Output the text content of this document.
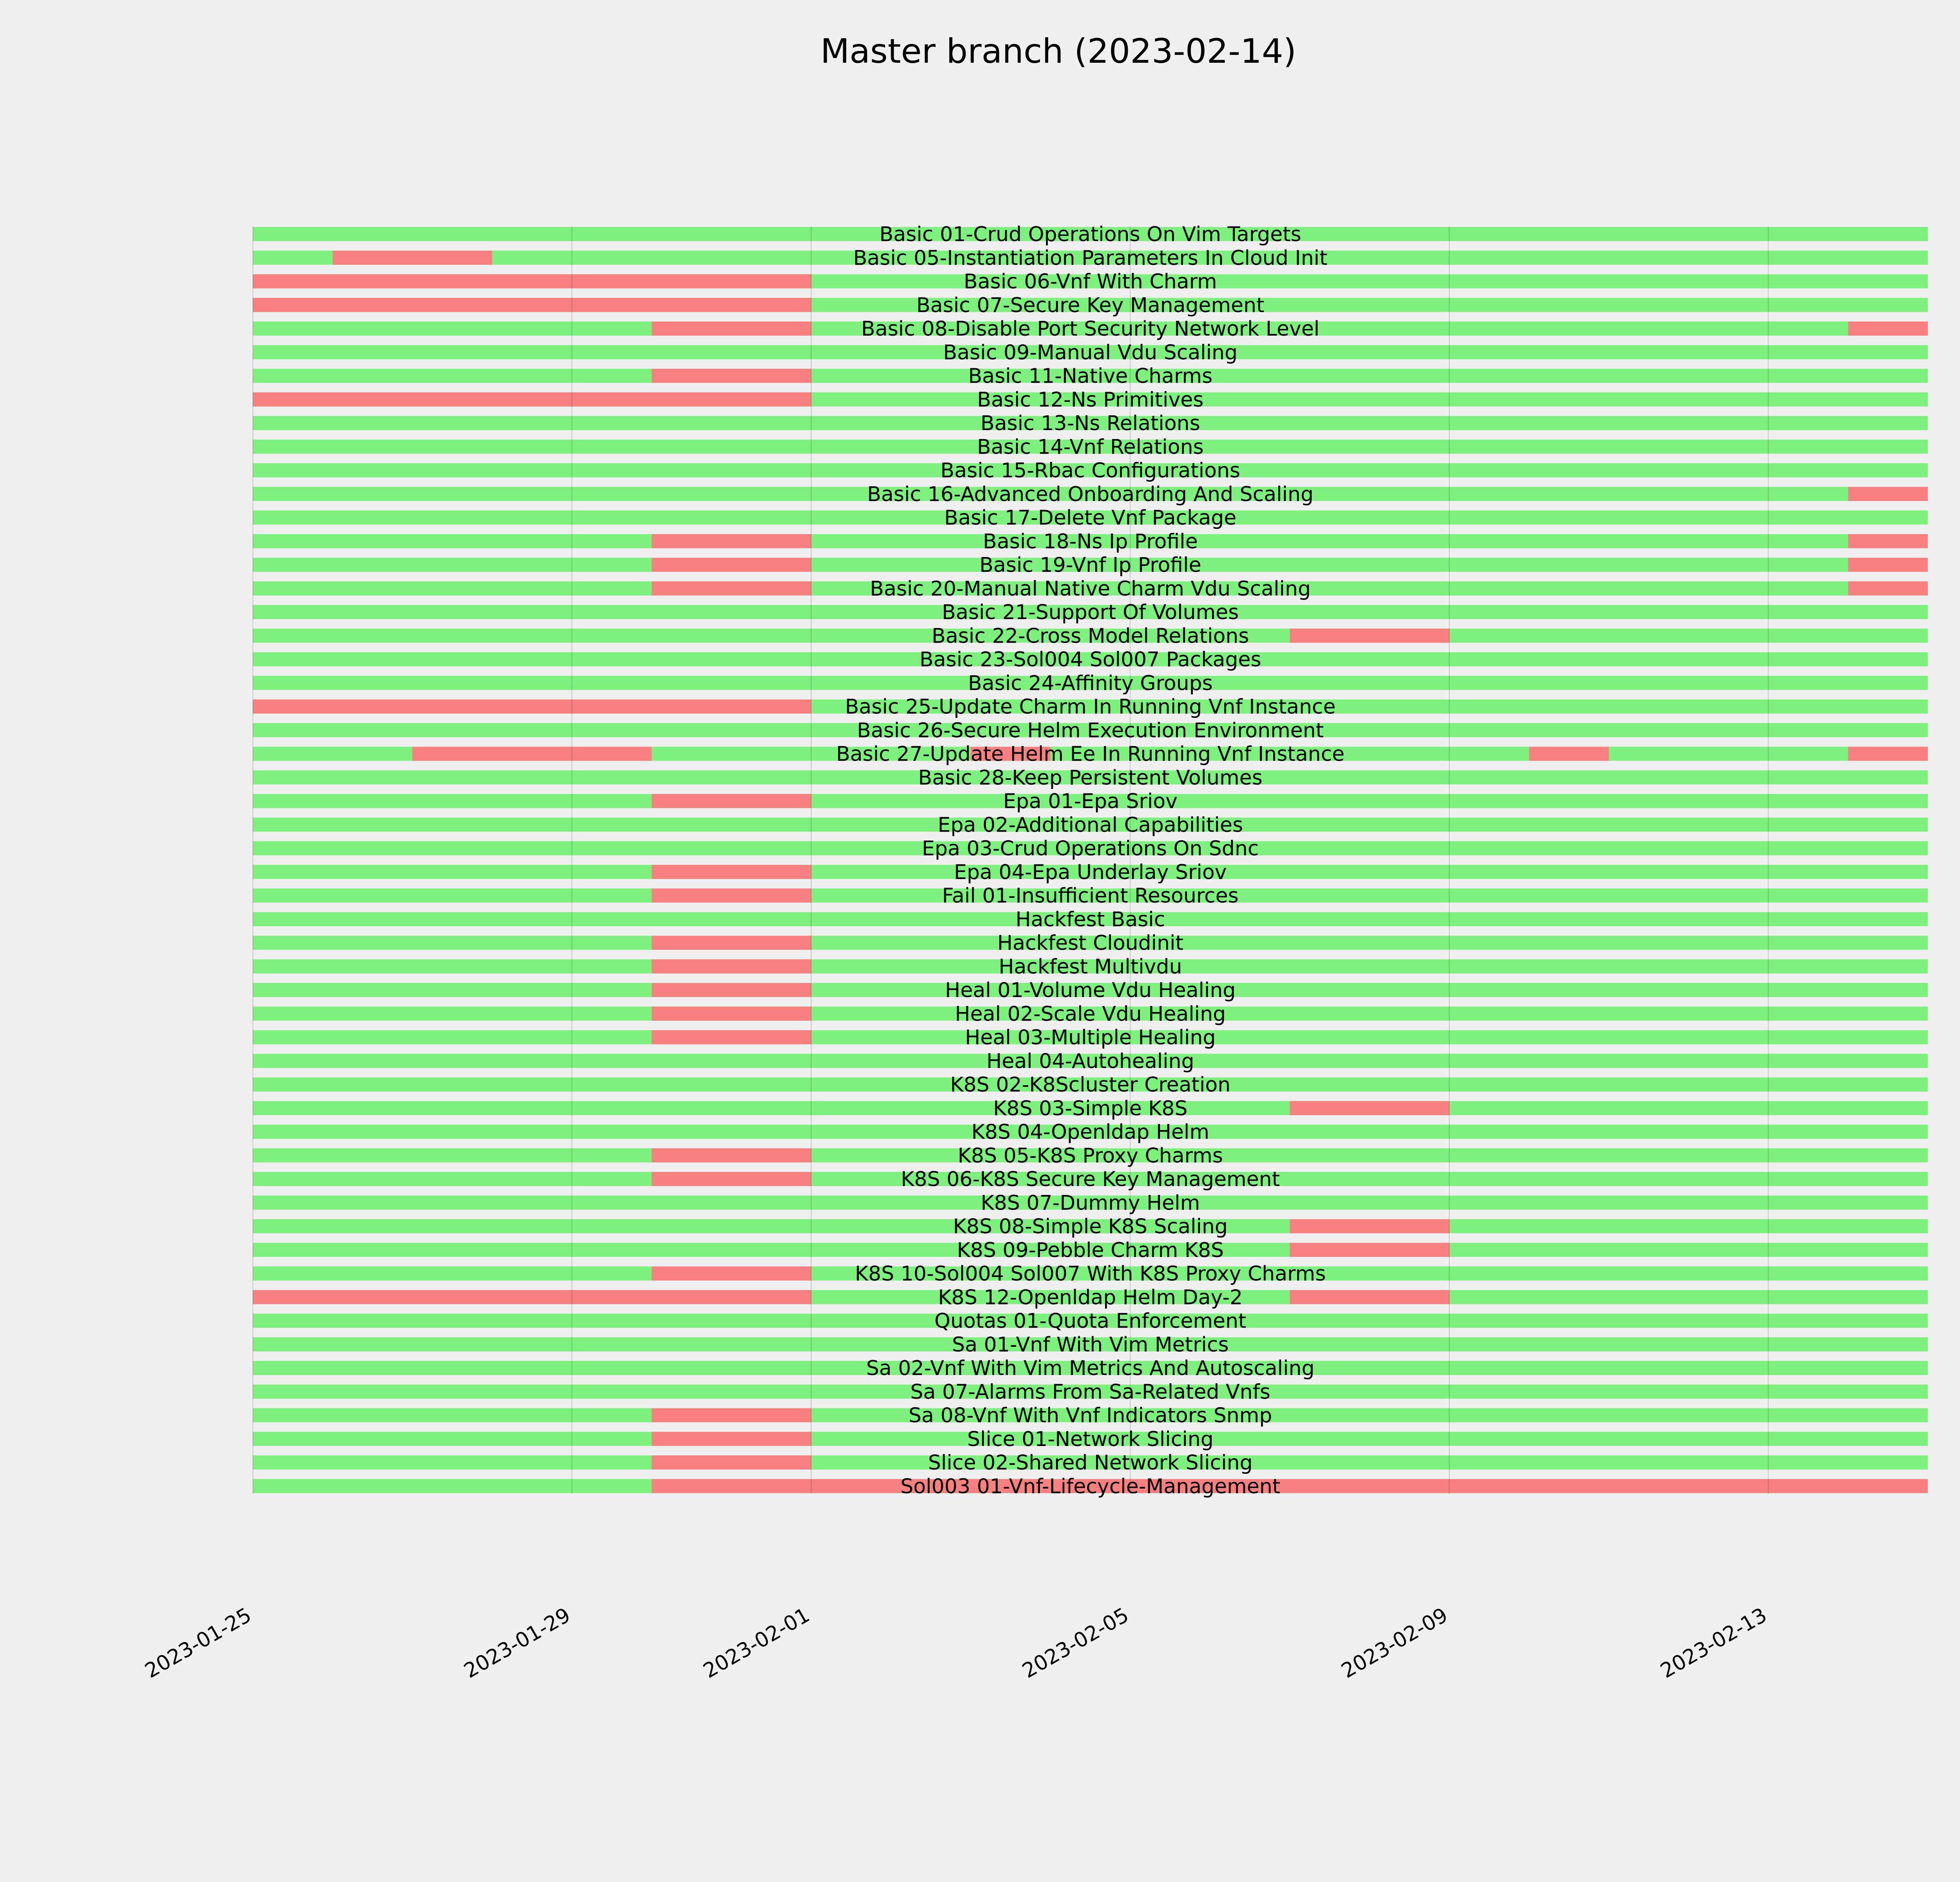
Master branch (2023-02-14)
Basic 01-Crud Operations On Vim Targets
Basic 05-Instantiation Parameters In Cloud Init
Basic 06-Vnf With Charm
Basic 07-Secure Key Management
Basic 08-Disable Port Security Network Level
Basic 09-Manual Vdu Scaling
Basic 11-Native Charms
Basic 12-Ns Primitives
Basic 13-Ns Relations
Basic 14-Vnf Relations
Basic 15-Rbac Configurations
Basic 16-Advanced Onboarding And Scaling
Basic 17-Delete Vnf Package
Basic 18-Ns Ip Profile
Basic 19-Vnf Ip Profile
Basic 20-Manual Native Charm Vdu Scaling
Basic 21-Support Of Volumes
Basic 22-Cross Model Relations
Basic 23-Sol004 Sol007 Packages
Basic 24-Affinity Groups
Basic 25-Update Charm In Running Vnf Instance
Basic 26-Secure Helm Execution Environment
Basic 27-Update Helm Ee In Running Vnf Instance
Basic 28-Keep Persistent Volumes
Epa 01-Epa Sriov
Epa 02-Additional Capabilities
Epa 03-Crud Operations On Sdnc
Epa 04-Epa Underlay Sriov
Fail 01-Insufficient Resources
Hackfest Basic
Hackfest Cloudinit
Hackfest Multivdu
Heal 01-Volume Vdu Healing
Heal 02-Scale Vdu Healing
Heal 03-Multiple Healing
Heal 04-Autohealing
K8S 02-K8Scluster Creation
K8S 03-Simple K8S
K8S 04-Openldap Helm
K8S 05-K8S Proxy Charms
K8S 06-K8S Secure Key Management
K8S 07-Dummy Helm
K8S 08-Simple K8S Scaling
K8S 09-Pebble Charm K8S
K8S 10-Sol004 Sol007 With K8S Proxy Charms
K8S 12-Openldap Helm Day-2
Quotas 01-Quota Enforcement
Sa 01-Vnf With Vim Metrics
Sa 02-Vnf With Vim Metrics And Autoscaling
Sa 07-Alarms From Sa-Related Vnfs
Sa 08-Vnf With Vnf Indicators Snmp
Slice 01-Network Slicing
Slice 02-Shared Network Slicing
Sol003 01-Vnf-Lifecycle-Management
2023-01-25	2023-01-29	2023-02-01	2023-02-05	2023-02-09	2023-02-13
